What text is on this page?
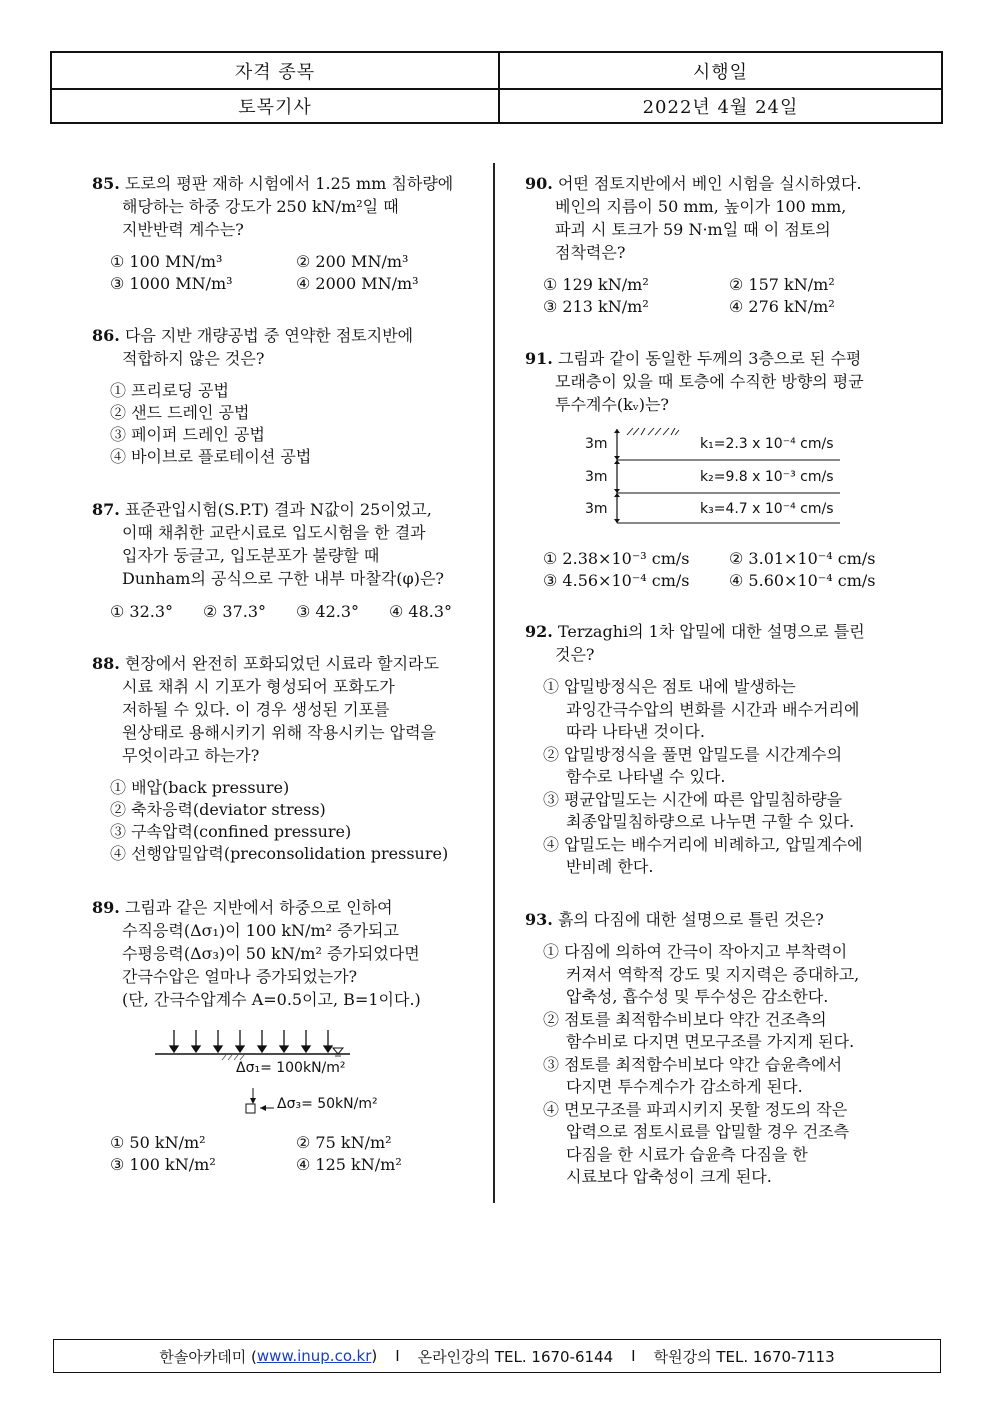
자격 종목	시행일
토목기사	2022년 4월 24일
85. 도로의 평판 재하 시험에서 1.25 mm 침하량에
해당하는 하중 강도가 250 kN/m²일 때
지반반력 계수는?
① 100 MN/m³	② 200 MN/m³
③ 1000 MN/m³	④ 2000 MN/m³
86. 다음 지반 개량공법 중 연약한 점토지반에
적합하지 않은 것은?
① 프리로딩 공법
② 샌드 드레인 공법
③ 페이퍼 드레인 공법
④ 바이브로 플로테이션 공법
87. 표준관입시험(S.P.T) 결과 N값이 25이었고,
이때 채취한 교란시료로 입도시험을 한 결과
입자가 둥글고, 입도분포가 불량할 때
Dunham의 공식으로 구한 내부 마찰각(φ)은?
① 32.3°	② 37.3°	③ 42.3°	④ 48.3°
88. 현장에서 완전히 포화되었던 시료라 할지라도
시료 채취 시 기포가 형성되어 포화도가
저하될 수 있다. 이 경우 생성된 기포를
원상태로 용해시키기 위해 작용시키는 압력을
무엇이라고 하는가?
① 배압(back pressure)
② 축차응력(deviator stress)
③ 구속압력(confined pressure)
④ 선행압밀압력(preconsolidation pressure)
89. 그림과 같은 지반에서 하중으로 인하여
수직응력(Δσ₁)이 100 kN/m² 증가되고
수평응력(Δσ₃)이 50 kN/m² 증가되었다면
간극수압은 얼마나 증가되었는가?
(단, 간극수압계수 A=0.5이고, B=1이다.)
Δσ₁= 100kN/m²
Δσ₃= 50kN/m²
① 50 kN/m²	② 75 kN/m²
③ 100 kN/m²	④ 125 kN/m²
90. 어떤 점토지반에서 베인 시험을 실시하였다.
베인의 지름이 50 mm, 높이가 100 mm,
파괴 시 토크가 59 N·m일 때 이 점토의
점착력은?
① 129 kN/m²	② 157 kN/m²
③ 213 kN/m²	④ 276 kN/m²
91. 그림과 같이 동일한 두께의 3층으로 된 수평
모래층이 있을 때 토층에 수직한 방향의 평균
투수계수(kᵥ)는?
3m
3m
3m
k₁=2.3 x 10⁻⁴ cm/s
k₂=9.8 x 10⁻³ cm/s
k₃=4.7 x 10⁻⁴ cm/s
① 2.38×10⁻³ cm/s	② 3.01×10⁻⁴ cm/s
③ 4.56×10⁻⁴ cm/s	④ 5.60×10⁻⁴ cm/s
92. Terzaghi의 1차 압밀에 대한 설명으로 틀린
것은?
① 압밀방정식은 점토 내에 발생하는
과잉간극수압의 변화를 시간과 배수거리에
따라 나타낸 것이다.
② 압밀방정식을 풀면 압밀도를 시간계수의
함수로 나타낼 수 있다.
③ 평균압밀도는 시간에 따른 압밀침하량을
최종압밀침하량으로 나누면 구할 수 있다.
④ 압밀도는 배수거리에 비례하고, 압밀계수에
반비례 한다.
93. 흙의 다짐에 대한 설명으로 틀린 것은?
① 다짐에 의하여 간극이 작아지고 부착력이
커져서 역학적 강도 및 지지력은 증대하고,
압축성, 흡수성 및 투수성은 감소한다.
② 점토를 최적함수비보다 약간 건조측의
함수비로 다지면 면모구조를 가지게 된다.
③ 점토를 최적함수비보다 약간 습윤측에서
다지면 투수계수가 감소하게 된다.
④ 면모구조를 파괴시키지 못할 정도의 작은
압력으로 점토시료를 압밀할 경우 건조측
다짐을 한 시료가 습윤측 다짐을 한
시료보다 압축성이 크게 된다.
한솔아카데미 ( www.inup.co.kr ) I 온라인강의 TEL. 1670-6144 I 학원강의 TEL. 1670-7113
